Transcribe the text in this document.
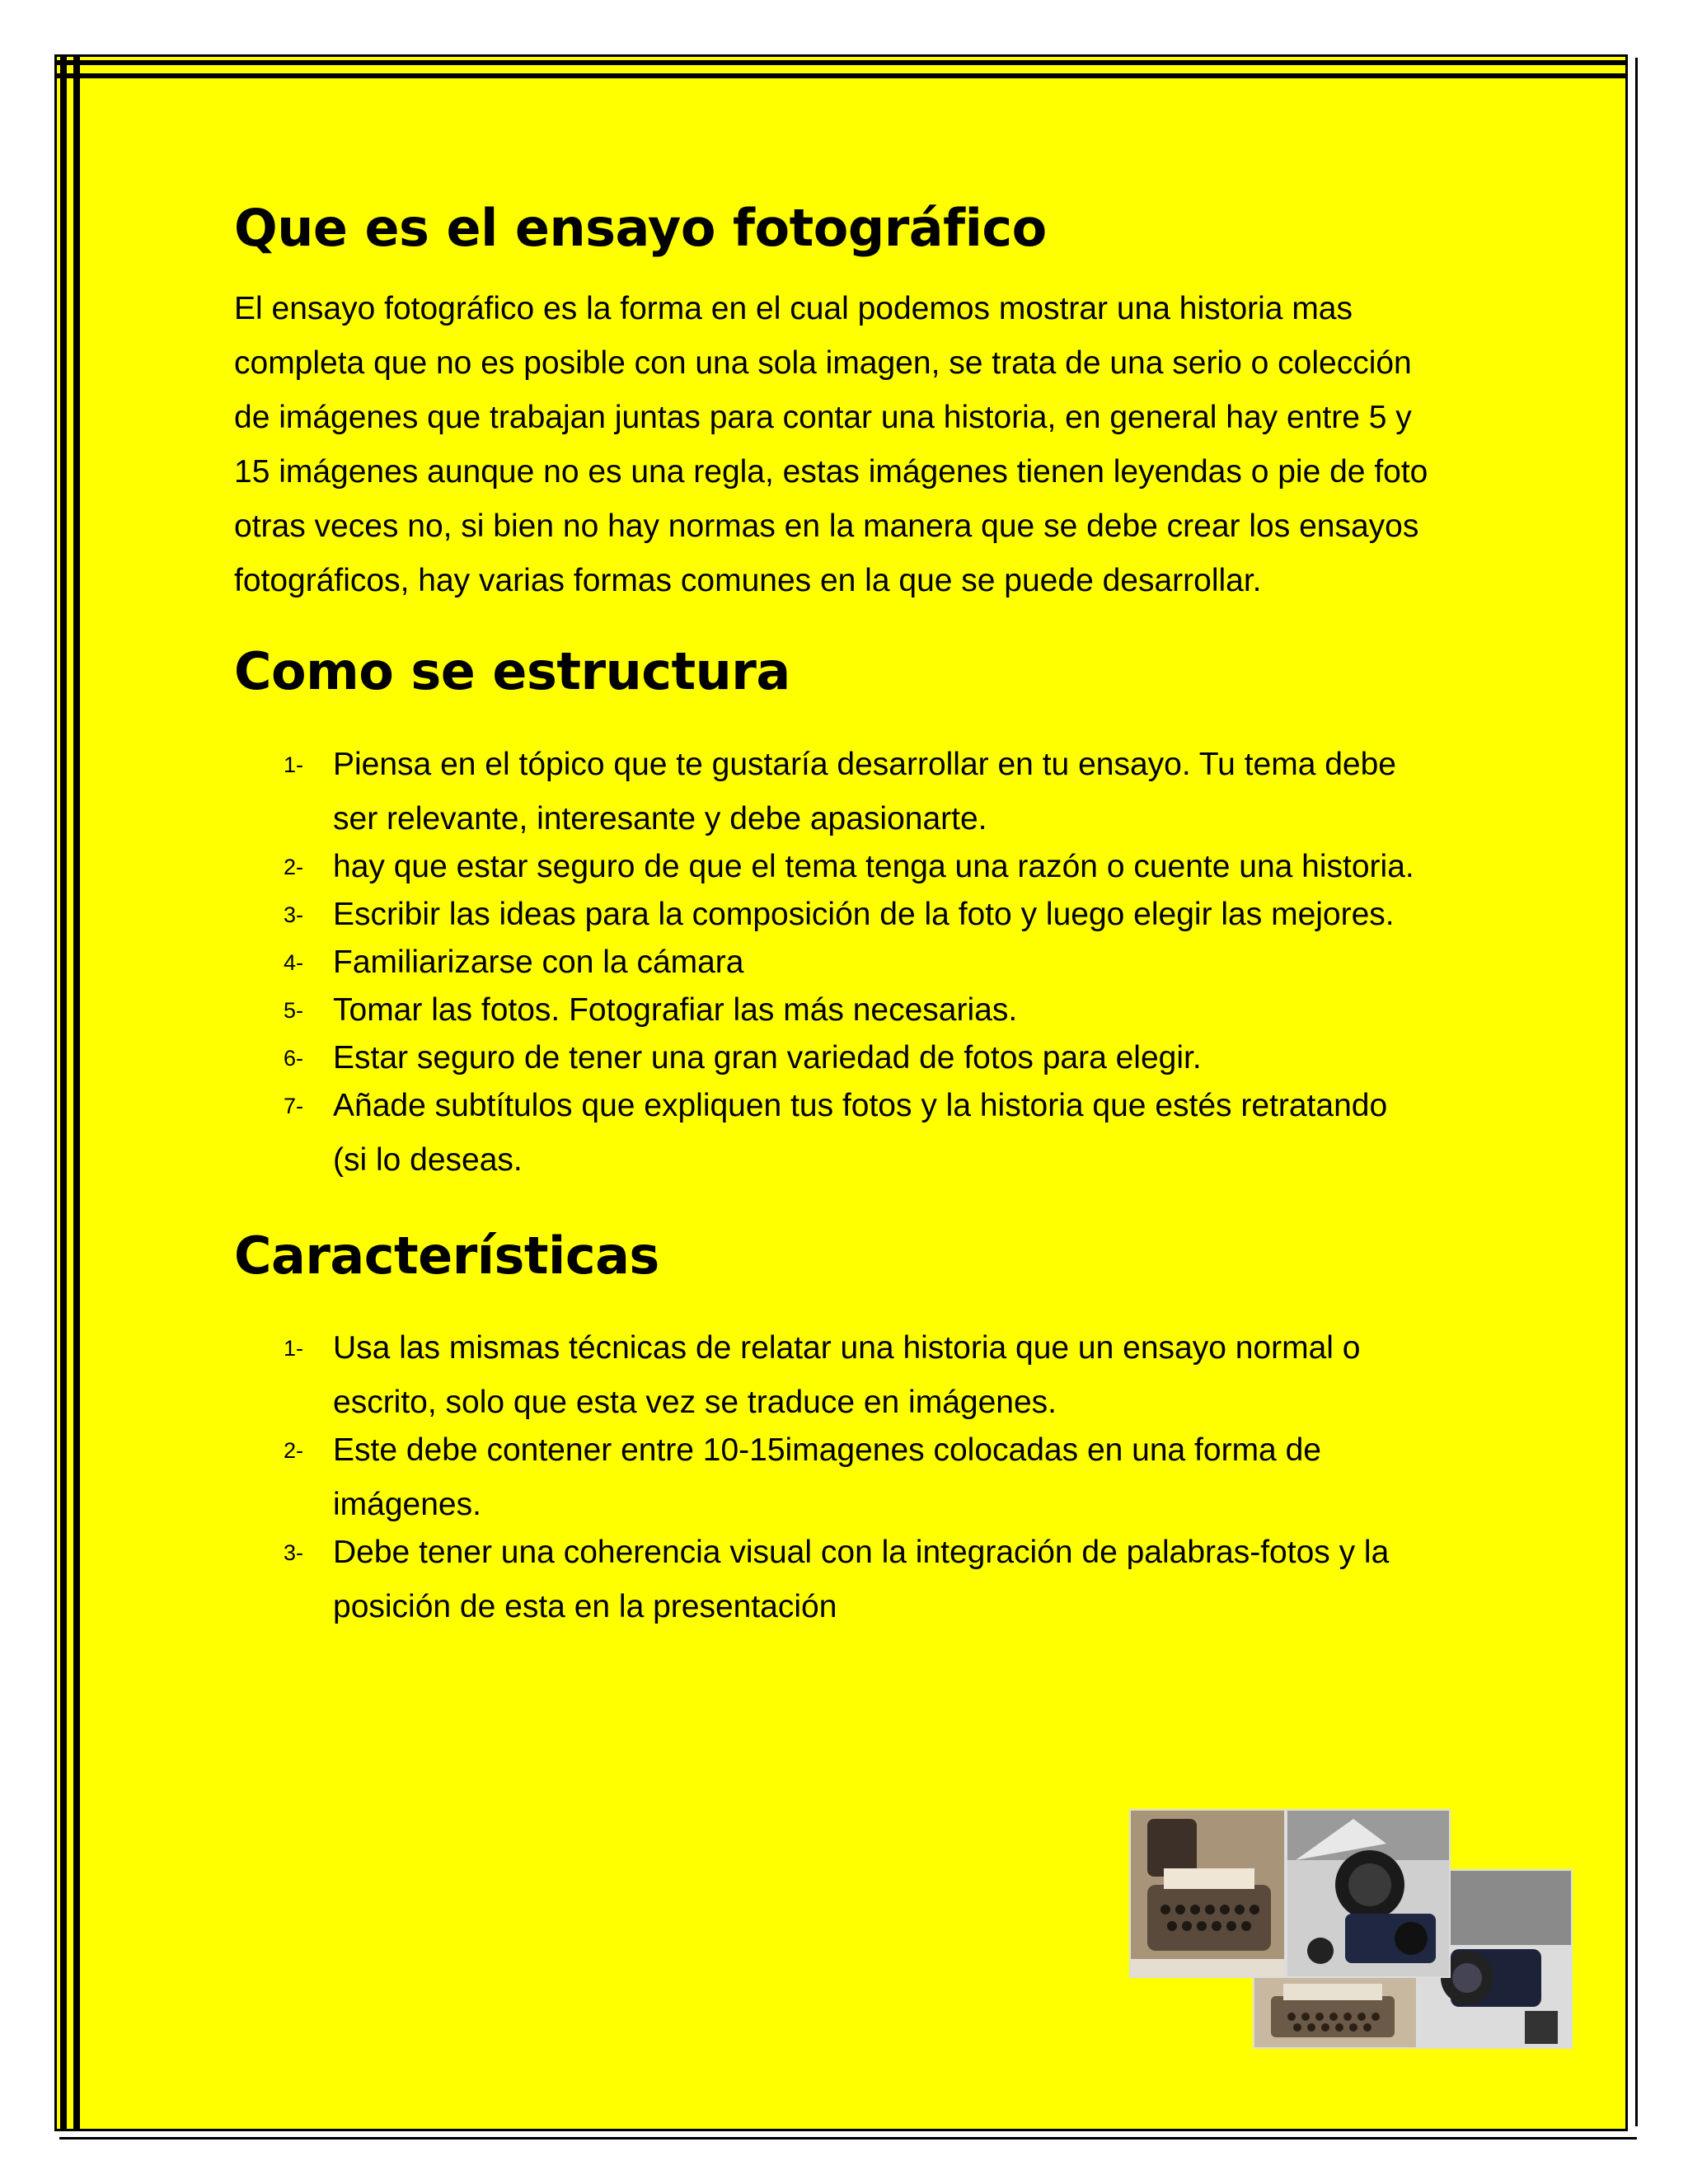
Que es el ensayo fotográfico

El ensayo fotográfico es la forma en el cual podemos mostrar una historia mas completa que no es posible con una sola imagen, se trata de una serio o colección de imágenes que trabajan juntas para contar una historia, en general hay entre 5 y 15 imágenes aunque no es una regla, estas imágenes tienen leyendas o pie de foto otras veces no, si bien no hay normas en la manera que se debe crear los ensayos fotográficos, hay varias formas comunes en la que se puede desarrollar.

Como se estructura
1- Piensa en el tópico que te gustaría desarrollar en tu ensayo. Tu tema debe ser relevante, interesante y debe apasionarte.
2- hay que estar seguro de que el tema tenga una razón o cuente una historia.
3- Escribir las ideas para la composición de la foto y luego elegir las mejores.
4- Familiarizarse con la cámara
5- Tomar las fotos. Fotografiar las más necesarias.
6- Estar seguro de tener una gran variedad de fotos para elegir.
7- Añade subtítulos que expliquen tus fotos y la historia que estés retratando (si lo deseas.
Características
1- Usa las mismas técnicas de relatar una historia que un ensayo normal o escrito, solo que esta vez se traduce en imágenes.
2- Este debe contener entre 10-15imagenes colocadas en una forma de imágenes.
3- Debe tener una coherencia visual con la integración de palabras-fotos y la posición de esta en la presentación
